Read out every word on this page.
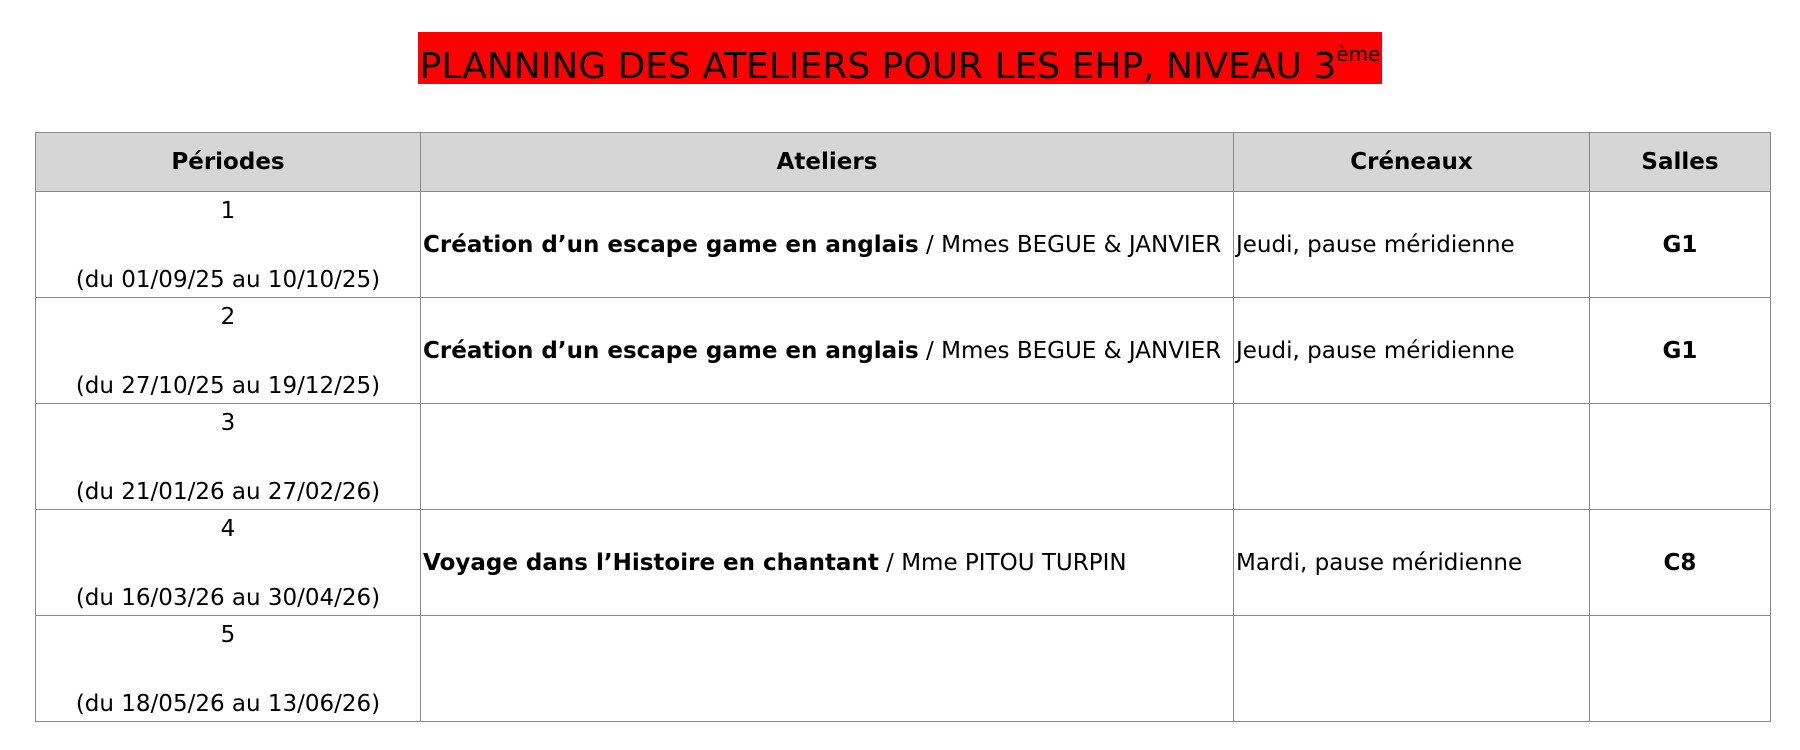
PLANNING DES ATELIERS POUR LES EHP, NIVEAU 3ème
Périodes	Ateliers	Créneaux	Salles

1
(du 01/09/25 au 10/10/25)	Création d’un escape game en anglais / Mmes BEGUE & JANVIER	Jeudi, pause méridienne	G1

2
(du 27/10/25 au 19/12/25)	Création d’un escape game en anglais / Mmes BEGUE & JANVIER	Jeudi, pause méridienne	G1

3
(du 21/01/26 au 27/02/26)			

4
(du 16/03/26 au 30/04/26)	Voyage dans l’Histoire en chantant / Mme PITOU TURPIN	Mardi, pause méridienne	C8

5
(du 18/05/26 au 13/06/26)			
